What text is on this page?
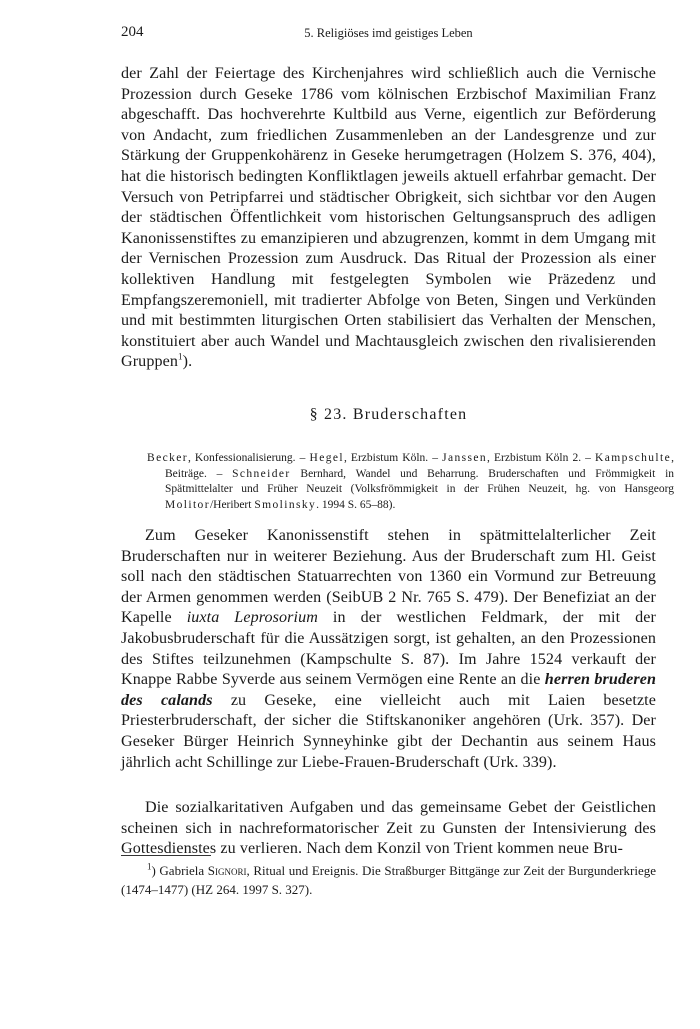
204	5. Religiöses imd geistiges Leben

der Zahl der Feiertage des Kirchenjahres wird schließlich auch die Vernische Prozession durch Geseke 1786 vom kölnischen Erzbischof Maximilian Franz abgeschafft. Das hochverehrte Kultbild aus Verne, eigentlich zur Beförderung von Andacht, zum friedlichen Zusammenleben an der Landesgrenze und zur Stärkung der Gruppenkohärenz in Geseke herumgetragen (Holzem S. 376, 404), hat die historisch bedingten Konfliktlagen jeweils aktuell erfahrbar gemacht. Der Versuch von Petripfarrei und städtischer Obrigkeit, sich sichtbar vor den Augen der städtischen Öffentlichkeit vom historischen Geltungsanspruch des adligen Kanonissenstiftes zu emanzipieren und abzugrenzen, kommt in dem Umgang mit der Vernischen Prozession zum Ausdruck. Das Ritual der Prozession als einer kollektiven Handlung mit festgelegten Symbolen wie Präzedenz und Empfangszeremoniell, mit tradierter Abfolge von Beten, Singen und Verkünden und mit bestimmten liturgischen Orten stabilisiert das Verhalten der Menschen, konstituiert aber auch Wandel und Machtausgleich zwischen den rivalisierenden Gruppen$^1$).

§ 23. Bruderschaften

Becker, Konfessionalisierung. – Hegel, Erzbistum Köln. – Janssen, Erzbistum Köln 2. – Kampschulte, Beiträge. – Schneider Bernhard, Wandel und Beharrung. Bruderschaften und Frömmigkeit in Spätmittelalter und Früher Neuzeit (Volksfrömmigkeit in der Frühen Neuzeit, hg. von Hansgeorg Molitor/Heribert Smolinsky. 1994 S. 65–88).

Zum Geseker Kanonissenstift stehen in spätmittelalterlicher Zeit Bruderschaften nur in weiterer Beziehung. Aus der Bruderschaft zum Hl. Geist soll nach den städtischen Statuarrechten von 1360 ein Vormund zur Betreuung der Armen genommen werden (SeibUB 2 Nr. 765 S. 479). Der Benefiziat an der Kapelle iuxta Leprosorium in der westlichen Feldmark, der mit der Jakobusbruderschaft für die Aussätzigen sorgt, ist gehalten, an den Prozessionen des Stiftes teilzunehmen (Kampschulte S. 87). Im Jahre 1524 verkauft der Knappe Rabbe Syverde aus seinem Vermögen eine Rente an die herren bruderen des calands zu Geseke, eine vielleicht auch mit Laien besetzte Priesterbruderschaft, der sicher die Stiftskanoniker angehören (Urk. 357). Der Geseker Bürger Heinrich Synneyhinke gibt der Dechantin aus seinem Haus jährlich acht Schillinge zur Liebe-Frauen-Bruderschaft (Urk. 339).

Die sozialkaritativen Aufgaben und das gemeinsame Gebet der Geistlichen scheinen sich in nachreformatorischer Zeit zu Gunsten der Intensivierung des Gottesdienstes zu verlieren. Nach dem Konzil von Trient kommen neue Bru-

$^1$) Gabriela Signori, Ritual und Ereignis. Die Straßburger Bittgänge zur Zeit der Burgunderkriege (1474–1477) (HZ 264. 1997 S. 327).
